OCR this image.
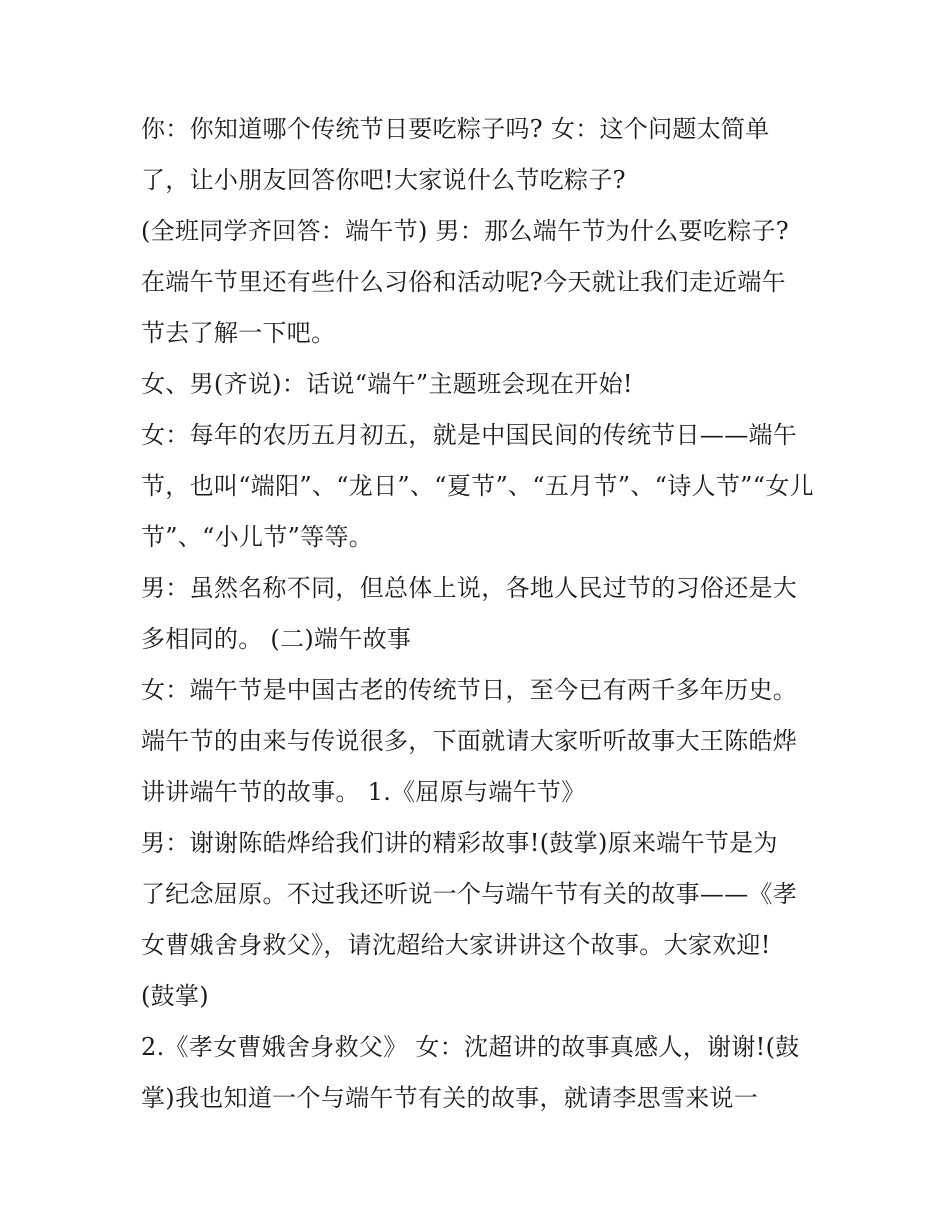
你：你知道哪个传统节日要吃粽子吗? 女：这个问题太简单
了，让小朋友回答你吧!大家说什么节吃粽子?
(全班同学齐回答：端午节) 男：那么端午节为什么要吃粽子?
在端午节里还有些什么习俗和活动呢?今天就让我们走近端午
节去了解一下吧。
女、男(齐说)：话说“端午”主题班会现在开始!
女：每年的农历五月初五，就是中国民间的传统节日——端午
节，也叫“端阳”、“龙日”、“夏节”、“五月节”、“诗人节”“女儿
节”、“小儿节”等等。
男：虽然名称不同，但总体上说，各地人民过节的习俗还是大
多相同的。 (二)端午故事
女：端午节是中国古老的传统节日，至今已有两千多年历史。
端午节的由来与传说很多，下面就请大家听听故事大王陈皓烨
讲讲端午节的故事。 1.《屈原与端午节》
男：谢谢陈皓烨给我们讲的精彩故事!(鼓掌)原来端午节是为
了纪念屈原。不过我还听说一个与端午节有关的故事——《孝
女曹娥舍身救父》，请沈超给大家讲讲这个故事。大家欢迎!
(鼓掌)
2.《孝女曹娥舍身救父》 女：沈超讲的故事真感人，谢谢!(鼓
掌)我也知道一个与端午节有关的故事，就请李思雪来说一
